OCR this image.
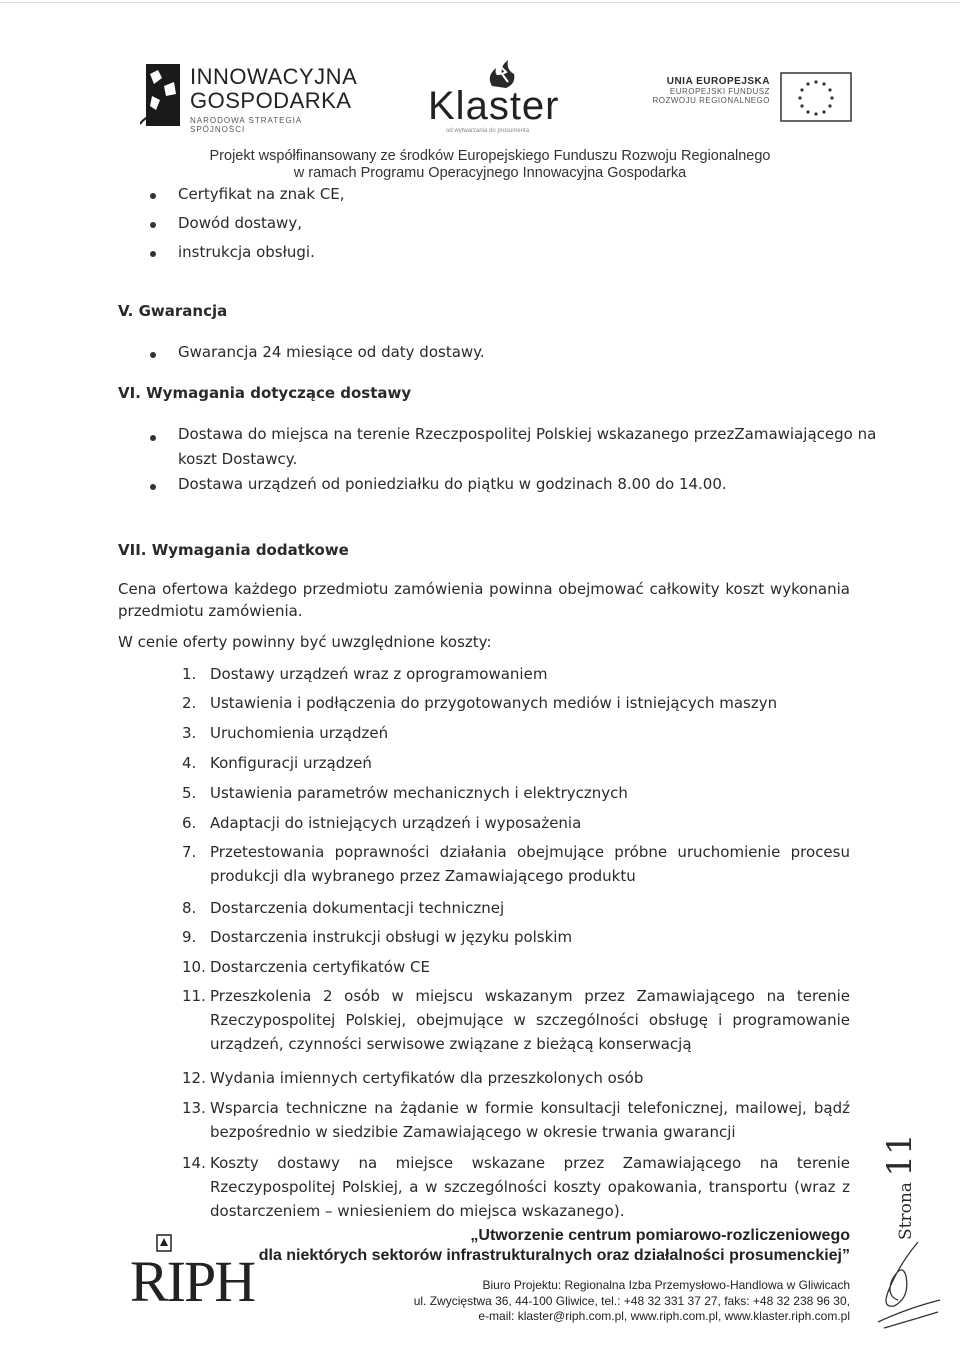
INNOWACYJNA
GOSPODARKA
NARODOWA STRATEGIA SPÓJNOŚCI
Klaster
od wytwarzania do prosumenta
UNIA EUROPEJSKA
EUROPEJSKI FUNDUSZ
ROZWOJU REGIONALNEGO
Projekt współfinansowany ze środków Europejskiego Funduszu Rozwoju Regionalnego
w ramach Programu Operacyjnego Innowacyjna Gospodarka
Certyfikat na znak CE,
Dowód dostawy,
instrukcja obsługi.
V. Gwarancja
Gwarancja 24 miesiące od daty dostawy.
VI. Wymagania dotyczące dostawy
Dostawa do miejsca na terenie Rzeczpospolitej Polskiej wskazanego przezZamawiającego na
koszt Dostawcy.
Dostawa urządzeń od poniedziałku do piątku w godzinach 8.00 do 14.00.
VII. Wymagania dodatkowe
Cena ofertowa każdego przedmiotu zamówienia powinna obejmować całkowity koszt wykonania przedmiotu zamówienia.
W cenie oferty powinny być uwzględnione koszty:
1. Dostawy urządzeń wraz z oprogramowaniem
2. Ustawienia i podłączenia do przygotowanych mediów i istniejących maszyn
3. Uruchomienia urządzeń
4. Konfiguracji urządzeń
5. Ustawienia parametrów mechanicznych i elektrycznych
6. Adaptacji do istniejących urządzeń i wyposażenia
7. Przetestowania poprawności działania obejmujące próbne uruchomienie procesu produkcji dla wybranego przez Zamawiającego produktu
8. Dostarczenia dokumentacji technicznej
9. Dostarczenia instrukcji obsługi w języku polskim
10. Dostarczenia certyfikatów CE
11. Przeszkolenia 2 osób w miejscu wskazanym przez Zamawiającego na terenie Rzeczypospolitej Polskiej, obejmujące w szczególności obsługę i programowanie urządzeń, czynności serwisowe związane z bieżącą konserwacją
12. Wydania imiennych certyfikatów dla przeszkolonych osób
13. Wsparcia techniczne na żądanie w formie konsultacji telefonicznej, mailowej, bądź bezpośrednio w siedzibie Zamawiającego w okresie trwania gwarancji
14. Koszty dostawy na miejsce wskazane przez Zamawiającego na terenie Rzeczypospolitej Polskiej, a w szczególności koszty opakowania, transportu (wraz z dostarczeniem – wniesieniem do miejsca wskazanego).	Strona 11
RIPH
„Utworzenie centrum pomiarowo-rozliczeniowego
dla niektórych sektorów infrastrukturalnych oraz działalności prosumenckiej”
Biuro Projektu: Regionalna Izba Przemysłowo-Handlowa w Gliwicach
ul. Zwycięstwa 36, 44-100 Gliwice, tel.: +48 32 331 37 27, faks: +48 32 238 96 30,
e-mail: klaster@riph.com.pl, www.riph.com.pl, www.klaster.riph.com.pl
